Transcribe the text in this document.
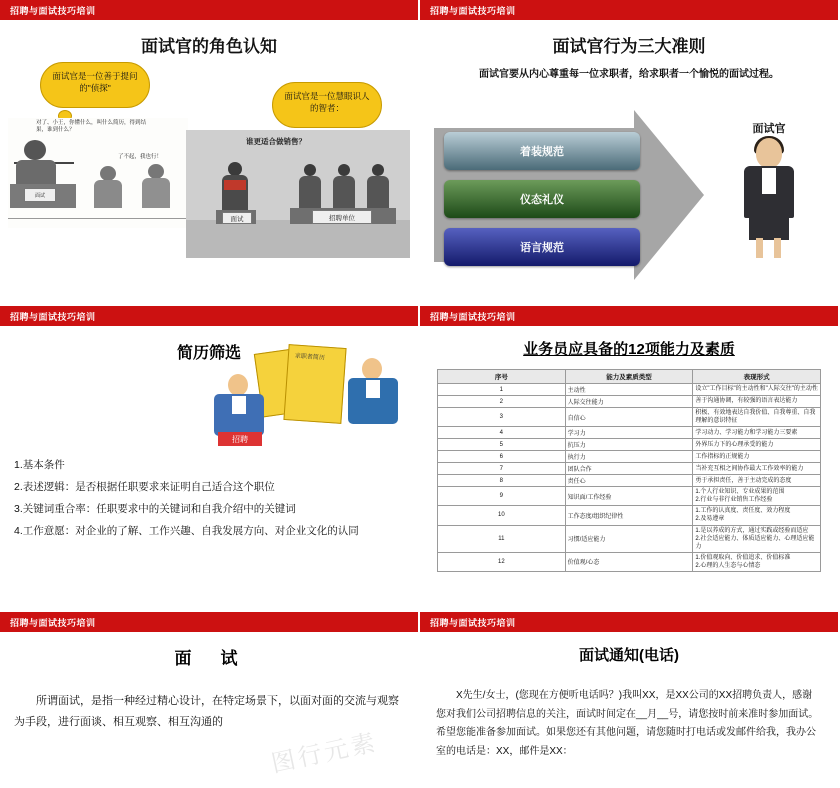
招聘与面试技巧培训
面试官的角色认知
面试官是一位善于提问的"侦探"
面试官是一位慧眼识人的智者：
对了、小王，你懂什么，叫什么简历，得到结果，谁到什么？
了不起，我也行！
面试
谁更适合做销售？
面试	招聘单位
招聘与面试技巧培训
面试官行为三大准则
面试官要从内心尊重每一位求职者，给求职者一个愉悦的面试过程。
着装规范
仪态礼仪
语言规范
面试官
招聘与面试技巧培训
简历筛选	求职者简历
招聘
1.基本条件
2.表述逻辑：是否根据任职要求来证明自己适合这个职位
3.关键词重合率：任职要求中的关键词和自我介绍中的关键词
4.工作意愿：对企业的了解、工作兴趣、自我发展方向、对企业文化的认同
招聘与面试技巧培训
业务员应具备的12项能力及素质
序号	能力及素质类型	表现形式
1	主动性	设立"工作目标"的主动性和"人际交往"的主动性
2	人际交往能力	善于沟通协调，有较强的语言表达能力
3	自信心	积极、有效地表达自我价值、自我尊重、自我理解的意识特征
4	学习力	学习动力、学习能力和学习能力三要素
5	抗压力	外界压力下的心理承受的能力
6	执行力	工作指标的正规能力
7	团队合作	当补充互相之间协作最大工作效率的能力
8	责任心	勇于承担责任，善于主动完成的态度
9	知识面/工作经验	1.个人行业知识、专业成果的范围
2.行业与非行业销售工作经验
10	工作态度/组织纪律性	1.工作的认真度、责任度、效力程度
2.及易遵章
11	习惯/适应能力	1.是以养成的方式，通过实践或经验而适应
2.社会适应能力、体质适应能力、心理适应能力
12	价值观/心态	1.价值观取向、价值追求、价值标准
2.心理的人生态与心情态
招聘与面试技巧培训
面　试
所谓面试，是指一种经过精心设计，在特定场景下，以面对面的交流与观察为手段，进行面谈、相互观察、相互沟通的
图行元素
招聘与面试技巧培训
面试通知(电话)
X先生/女士，(您现在方便听电话吗？)我叫XX，是XX公司的XX招聘负责人，感谢您对我们公司招聘信息的关注，面试时间定在__月__号，请您按时前来准时参加面试。希望您能准备参加面试。如果您还有其他问题，请您随时打电话或发邮件给我，我办公室的电话是：XX，邮件是XX：
